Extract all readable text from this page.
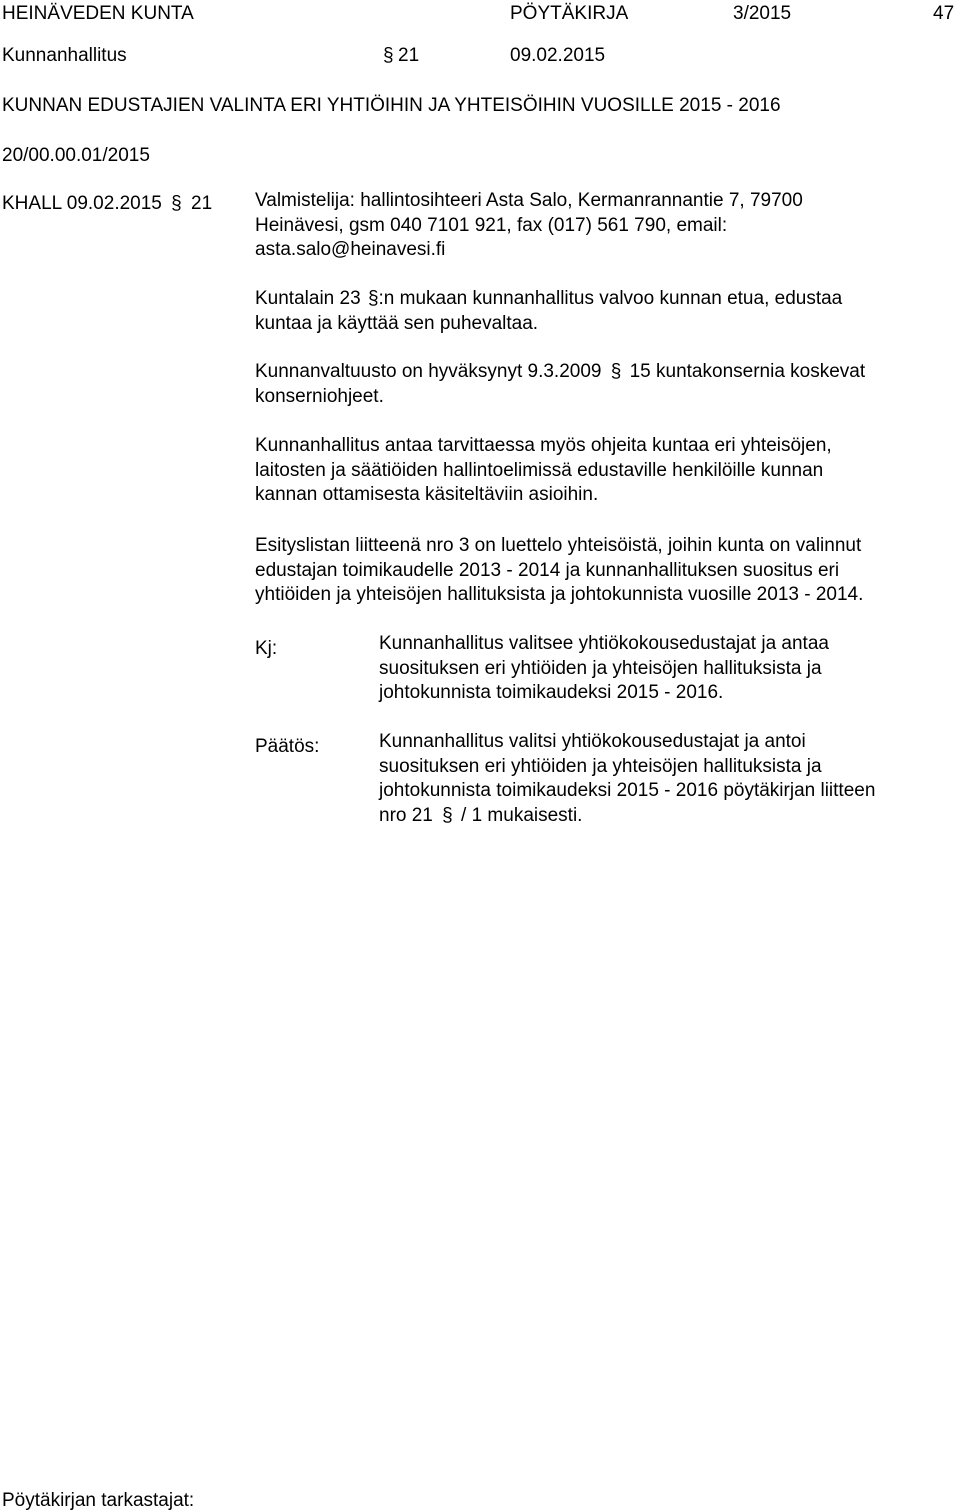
HEINÄVEDEN KUNTA	PÖYTÄKIRJA	3/2015	47
Kunnanhallitus	§ 21	09.02.2015
KUNNAN EDUSTAJIEN VALINTA ERI YHTIÖIHIN JA YHTEISÖIHIN VUOSILLE 2015 - 2016
20/00.00.01/2015
KHALL 09.02.2015 § 21 Valmistelija: hallintosihteeri Asta Salo, Kermanrannantie 7, 79700
Heinävesi, gsm 040 7101 921, fax (017) 561 790, email:
asta.salo@heinavesi.fi
Kuntalain 23 §:n mukaan kunnanhallitus valvoo kunnan etua, edustaa
kuntaa ja käyttää sen puhevaltaa.
Kunnanvaltuusto on hyväksynyt 9.3.2009 § 15 kuntakonsernia koskevat
konserniohjeet.
Kunnanhallitus antaa tarvittaessa myös ohjeita kuntaa eri yhteisöjen,
laitosten ja säätiöiden hallintoelimissä edustaville henkilöille kunnan
kannan ottamisesta käsiteltäviin asioihin.
Esityslistan liitteenä nro 3 on luettelo yhteisöistä, joihin kunta on valinnut
edustajan toimikaudelle 2013 - 2014 ja kunnanhallituksen suositus eri
yhtiöiden ja yhteisöjen hallituksista ja johtokunnista vuosille 2013 - 2014.
Kj:	Kunnanhallitus valitsee yhtiökokousedustajat ja antaa
suosituksen eri yhtiöiden ja yhteisöjen hallituksista ja
johtokunnista toimikaudeksi 2015 - 2016.
Päätös:	Kunnanhallitus valitsi yhtiökokousedustajat ja antoi
suosituksen eri yhtiöiden ja yhteisöjen hallituksista ja
johtokunnista toimikaudeksi 2015 - 2016 pöytäkirjan liitteen
nro 21 § / 1 mukaisesti.
Pöytäkirjan tarkastajat:
